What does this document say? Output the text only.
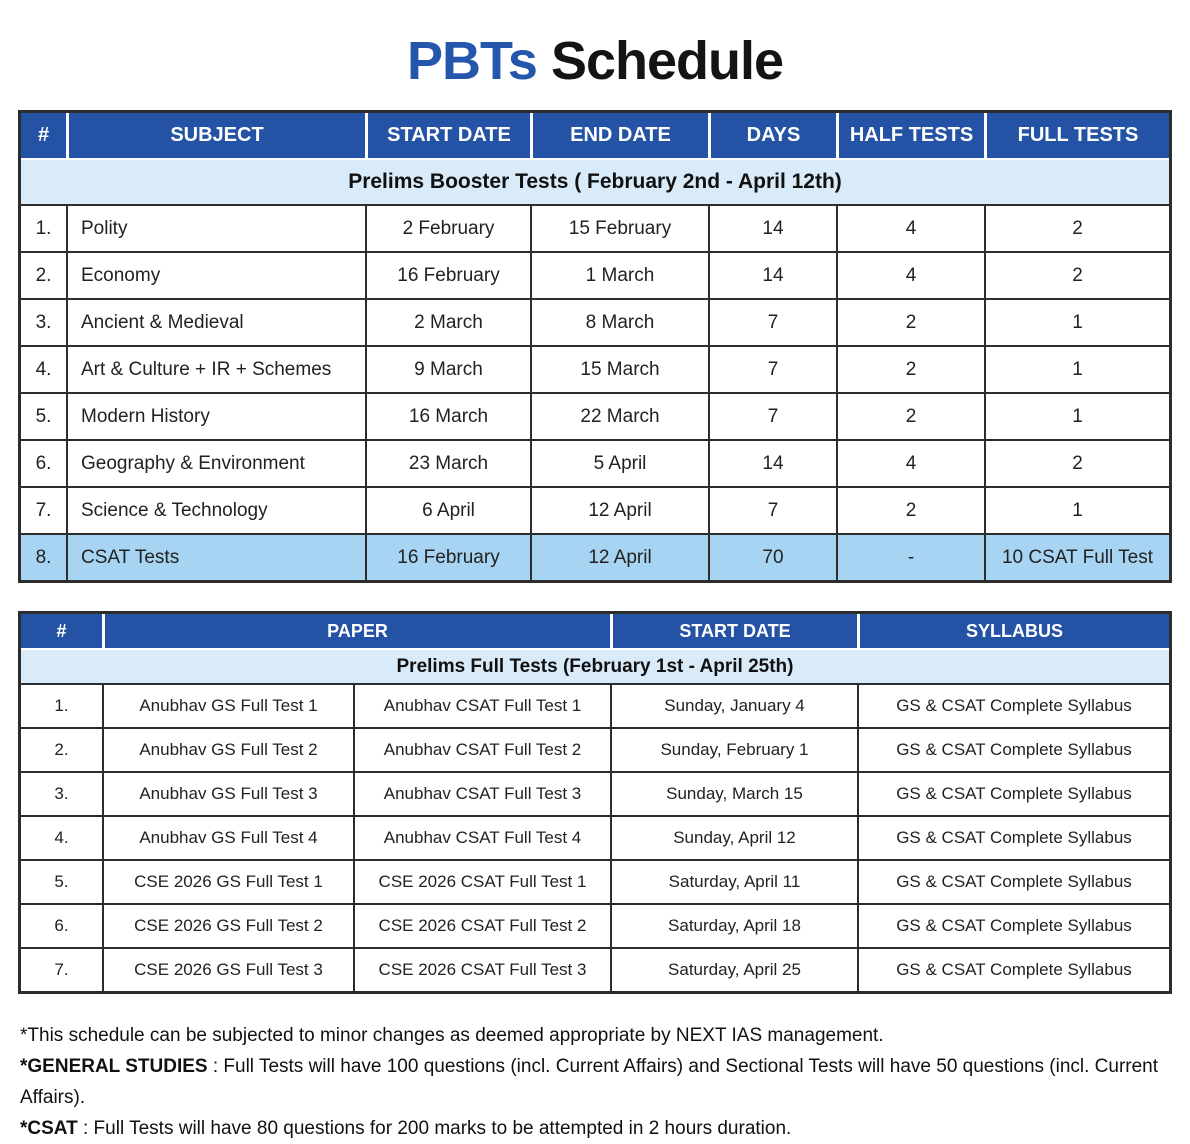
PBTs Schedule
#	SUBJECT	START DATE	END DATE	DAYS	HALF TESTS	FULL TESTS
Prelims Booster Tests ( February 2nd - April 12th)
1.	Polity	2 February	15 February	14	4	2
2.	Economy	16 February	1 March	14	4	2
3.	Ancient & Medieval	2 March	8 March	7	2	1
4.	Art & Culture + IR + Schemes	9 March	15 March	7	2	1
5.	Modern History	16 March	22 March	7	2	1
6.	Geography & Environment	23 March	5 April	14	4	2
7.	Science & Technology	6 April	12 April	7	2	1
8.	CSAT Tests	16 February	12 April	70	-	10 CSAT Full Test
#	PAPER	START DATE	SYLLABUS
Prelims Full Tests (February 1st - April 25th)
1.	Anubhav GS Full Test 1	Anubhav CSAT Full Test 1	Sunday, January 4	GS & CSAT Complete Syllabus
2.	Anubhav GS Full Test 2	Anubhav CSAT Full Test 2	Sunday, February 1	GS & CSAT Complete Syllabus
3.	Anubhav GS Full Test 3	Anubhav CSAT Full Test 3	Sunday, March 15	GS & CSAT Complete Syllabus
4.	Anubhav GS Full Test 4	Anubhav CSAT Full Test 4	Sunday, April 12	GS & CSAT Complete Syllabus
5.	CSE 2026 GS Full Test 1	CSE 2026 CSAT Full Test 1	Saturday, April 11	GS & CSAT Complete Syllabus
6.	CSE 2026 GS Full Test 2	CSE 2026 CSAT Full Test 2	Saturday, April 18	GS & CSAT Complete Syllabus
7.	CSE 2026 GS Full Test 3	CSE 2026 CSAT Full Test 3	Saturday, April 25	GS & CSAT Complete Syllabus
*This schedule can be subjected to minor changes as deemed appropriate by NEXT IAS management.
*GENERAL STUDIES : Full Tests will have 100 questions (incl. Current Affairs) and Sectional Tests will have 50 questions (incl. Current Affairs).
*CSAT : Full Tests will have 80 questions for 200 marks to be attempted in 2 hours duration.
